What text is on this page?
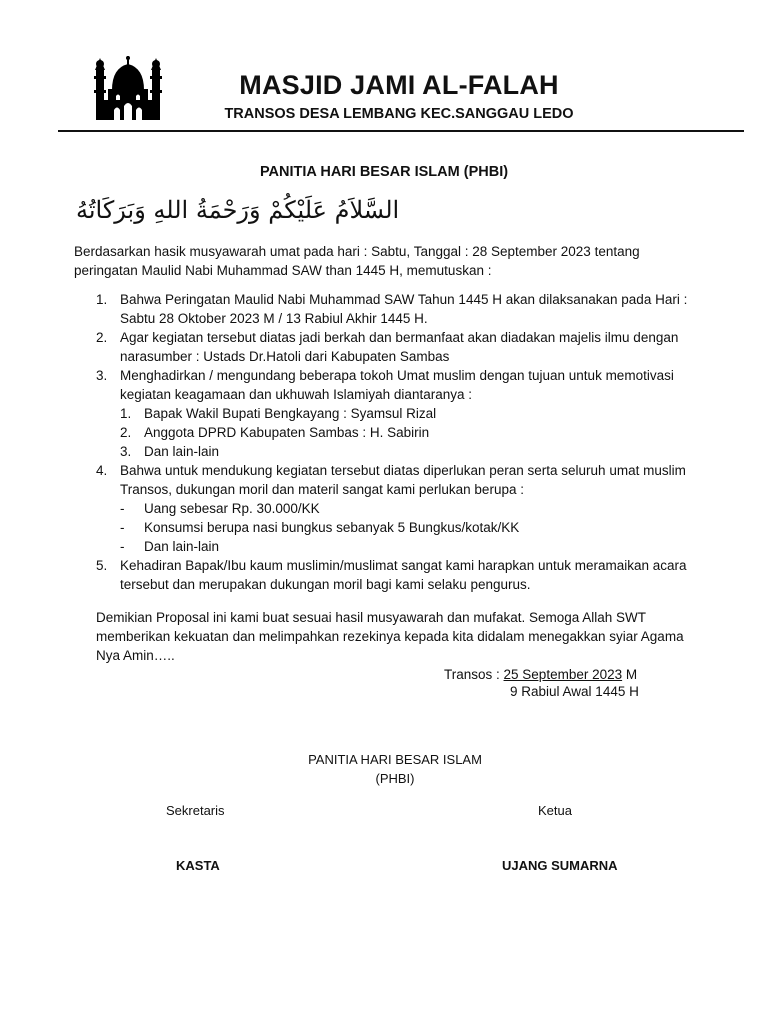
MASJID JAMI AL-FALAH
TRANSOS DESA LEMBANG KEC.SANGGAU LEDO
PANITIA HARI BESAR ISLAM (PHBI)
السَّلاَمُ عَلَيْكُمْ وَرَحْمَةُ اللهِ وَبَرَكَاتُهُ
Berdasarkan hasik musyawarah umat pada hari : Sabtu, Tanggal : 28 September 2023 tentang peringatan Maulid Nabi Muhammad SAW than 1445 H, memutuskan :
1. Bahwa Peringatan Maulid Nabi Muhammad SAW Tahun 1445 H akan dilaksanakan pada Hari : Sabtu 28 Oktober 2023 M / 13 Rabiul Akhir 1445 H.
2. Agar kegiatan tersebut diatas jadi berkah dan bermanfaat akan diadakan majelis ilmu dengan narasumber : Ustads Dr.Hatoli dari Kabupaten Sambas
3. Menghadirkan / mengundang beberapa tokoh Umat muslim dengan tujuan untuk memotivasi kegiatan keagamaan dan ukhuwah Islamiyah diantaranya :
1. Bapak Wakil Bupati Bengkayang : Syamsul Rizal
2. Anggota DPRD Kabupaten Sambas : H. Sabirin
3. Dan lain-lain
4. Bahwa untuk mendukung kegiatan tersebut diatas diperlukan peran serta seluruh umat muslim Transos, dukungan moril dan materil sangat kami perlukan berupa :
- Uang sebesar Rp. 30.000/KK
- Konsumsi berupa nasi bungkus sebanyak 5 Bungkus/kotak/KK
- Dan lain-lain
5. Kehadiran Bapak/Ibu kaum muslimin/muslimat sangat kami harapkan untuk meramaikan acara tersebut dan merupakan dukungan moril bagi kami selaku pengurus.
Demikian Proposal ini kami buat sesuai hasil musyawarah dan mufakat. Semoga Allah SWT memberikan kekuatan dan melimpahkan rezekinya kepada kita didalam menegakkan syiar Agama Nya Amin…..
Transos : 25 September 2023 M
9 Rabiul Awal 1445 H
PANITIA HARI BESAR ISLAM
(PHBI)
Sekretaris	Ketua
KASTA	UJANG SUMARNA
